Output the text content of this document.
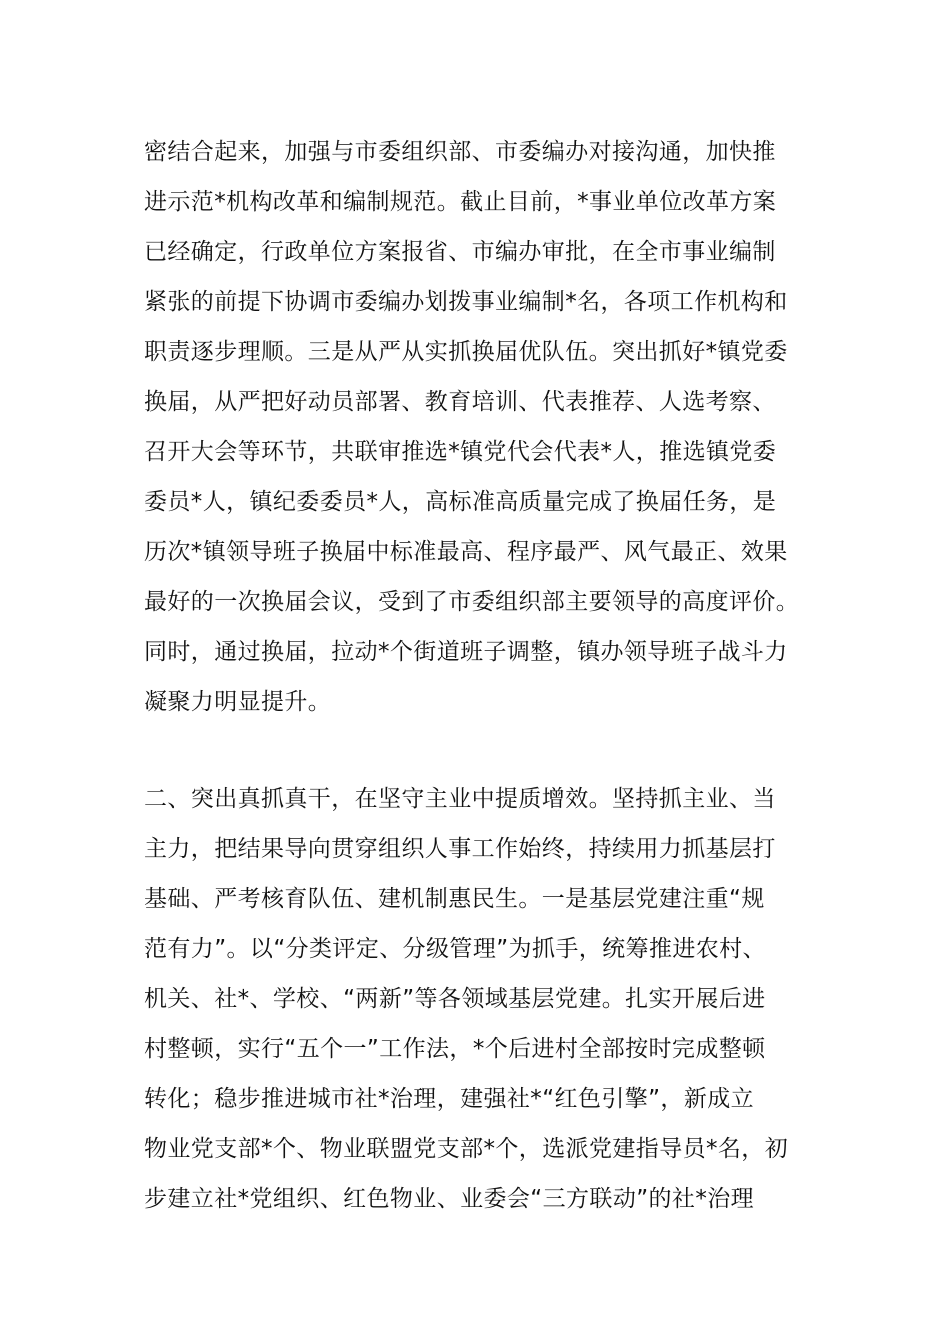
密结合起来，加强与市委组织部、市委编办对接沟通，加快推
进示范*机构改革和编制规范。截止目前，*事业单位改革方案
已经确定，行政单位方案报省、市编办审批，在全市事业编制
紧张的前提下协调市委编办划拨事业编制*名，各项工作机构和
职责逐步理顺。三是从严从实抓换届优队伍。突出抓好*镇党委
换届，从严把好动员部署、教育培训、代表推荐、人选考察、
召开大会等环节，共联审推选*镇党代会代表*人，推选镇党委
委员*人，镇纪委委员*人，高标准高质量完成了换届任务，是
历次*镇领导班子换届中标准最高、程序最严、风气最正、效果
最好的一次换届会议，受到了市委组织部主要领导的高度评价。
同时，通过换届，拉动*个街道班子调整，镇办领导班子战斗力
凝聚力明显提升。
二、突出真抓真干，在坚守主业中提质增效。坚持抓主业、当
主力，把结果导向贯穿组织人事工作始终，持续用力抓基层打
基础、严考核育队伍、建机制惠民生。一是基层党建注重“规
范有力”。以“分类评定、分级管理”为抓手，统筹推进农村、
机关、社*、学校、“两新”等各领域基层党建。扎实开展后进
村整顿，实行“五个一”工作法，*个后进村全部按时完成整顿
转化；稳步推进城市社*治理，建强社*“红色引擎”，新成立
物业党支部*个、物业联盟党支部*个，选派党建指导员*名，初
步建立社*党组织、红色物业、业委会“三方联动”的社*治理
